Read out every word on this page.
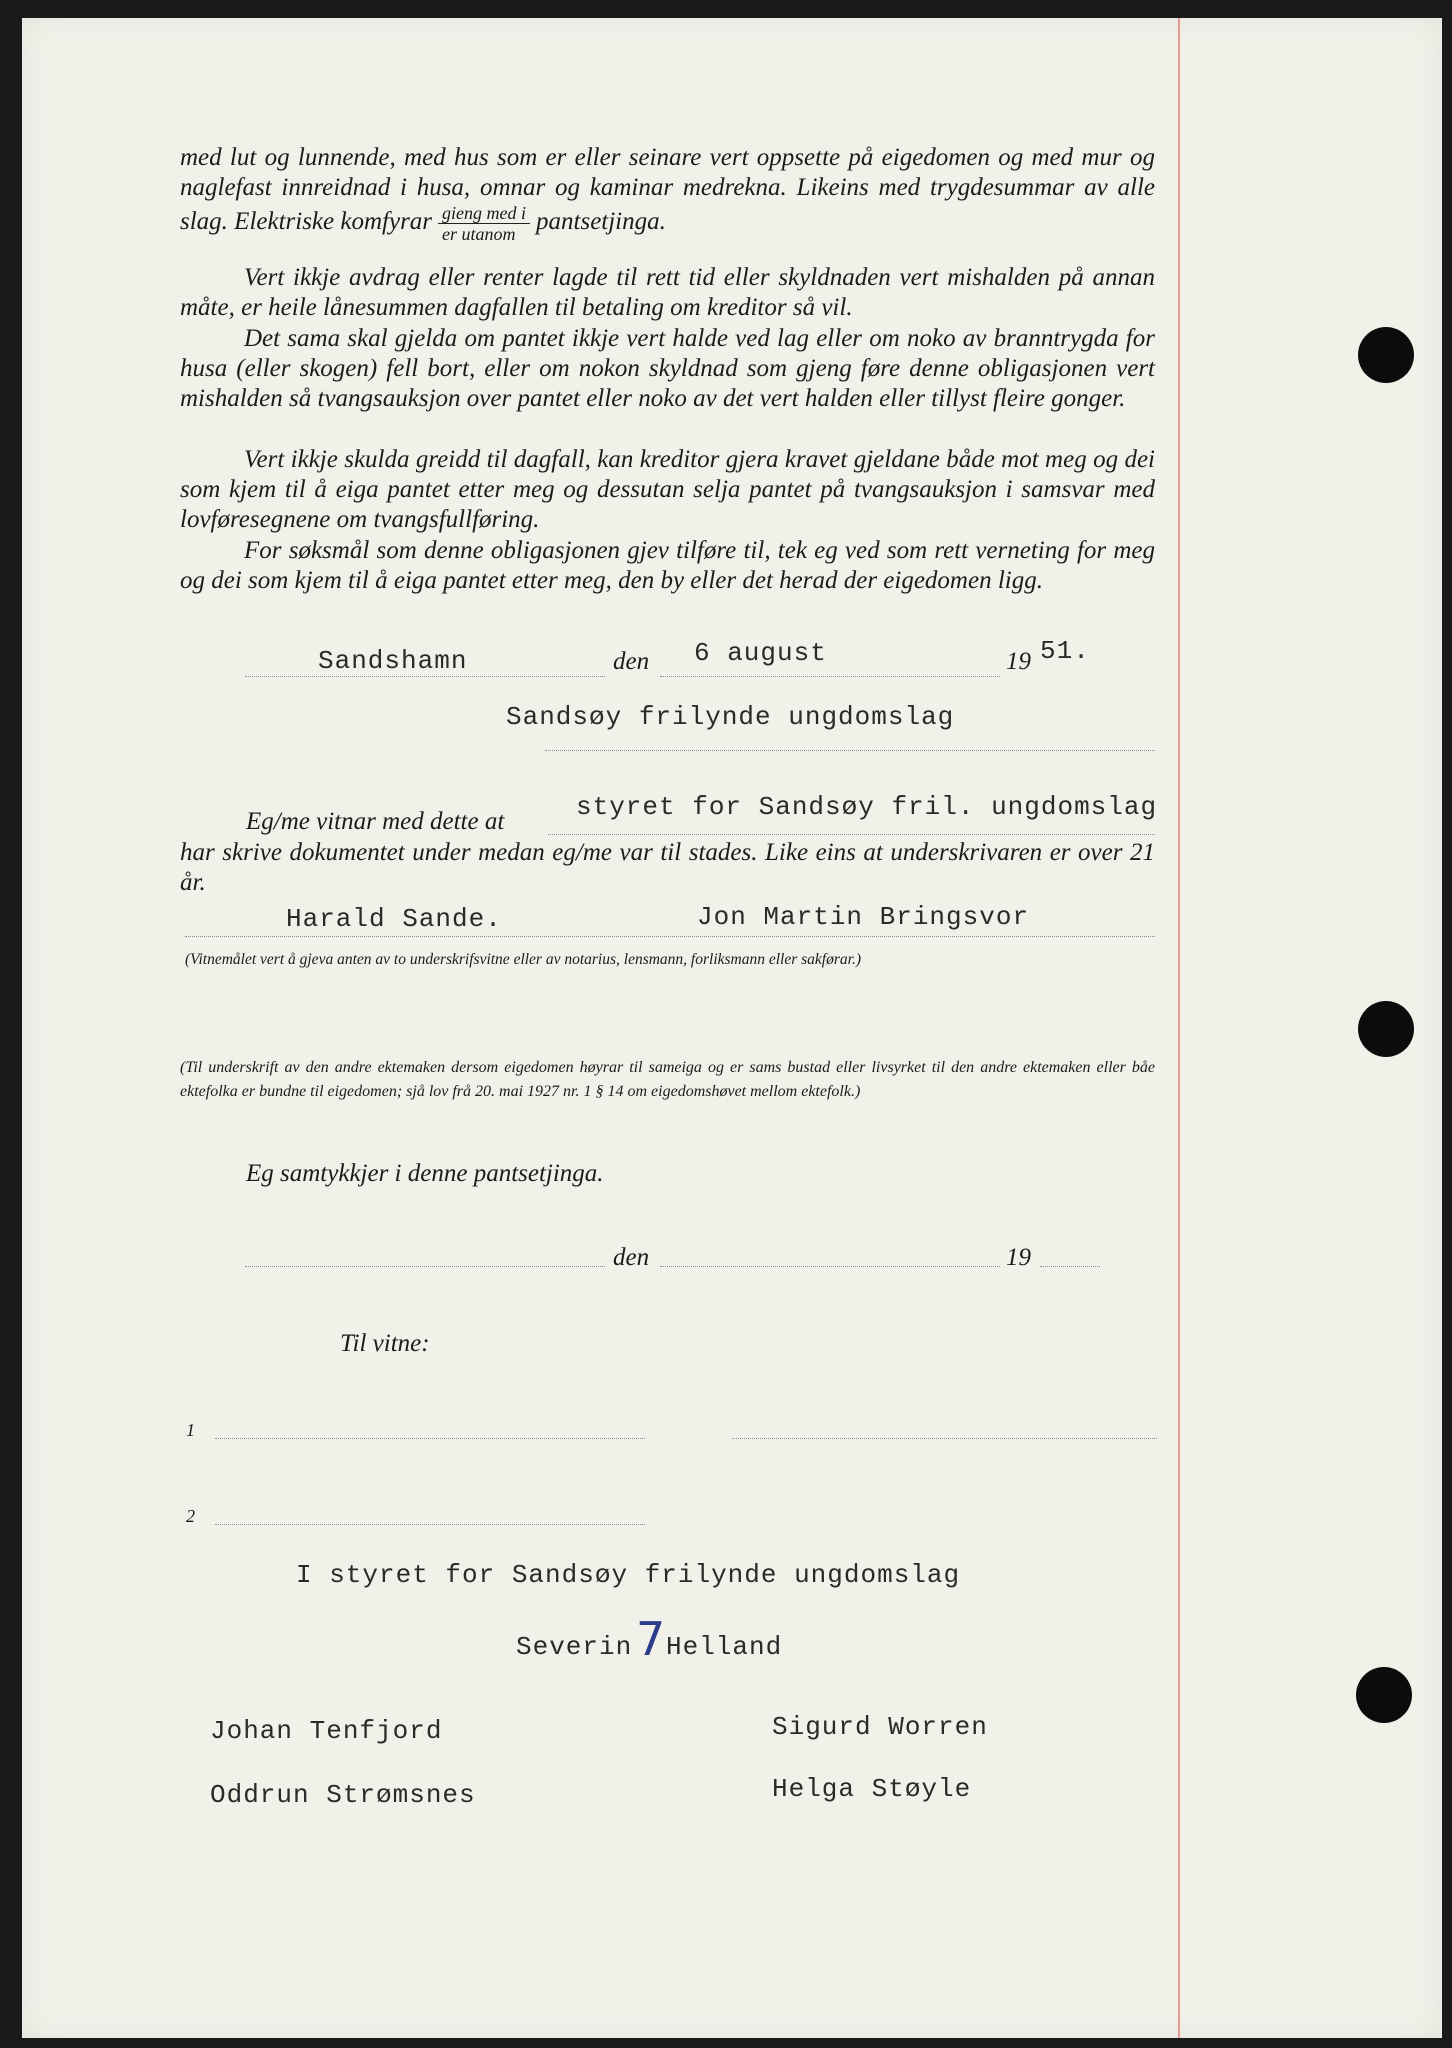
med lut og lunnende, med hus som er eller seinare vert oppsette på eigedomen og med mur og naglefast innreidnad i husa, omnar og kaminar medrekna. Likeins med trygdesummar av alle slag. Elektriske komfyrar $\frac{\text{gieng med i}}{\text{er utanom}}$ pantsetjinga.

Vert ikkje avdrag eller renter lagde til rett tid eller skyldnaden vert mishalden på annan måte, er heile lånesummen dagfallen til betaling om kreditor så vil.

Det sama skal gjelda om pantet ikkje vert halde ved lag eller om noko av branntrygda for husa (eller skogen) fell bort, eller om nokon skyldnad som gjeng føre denne obligasjonen vert mishalden så tvangsauksjon over pantet eller noko av det vert halden eller tillyst fleire gonger.

Vert ikkje skulda greidd til dagfall, kan kreditor gjera kravet gjeldane både mot meg og dei som kjem til å eiga pantet etter meg og dessutan selja pantet på tvangsauksjon i samsvar med lovføresegnene om tvangsfullføring.

For søksmål som denne obligasjonen gjev tilføre til, tek eg ved som rett verneting for meg og dei som kjem til å eiga pantet etter meg, den by eller det herad der eigedomen ligg.

Sandshamn	den 6 august	19 51.
Sandsøy frilynde ungdomslag
Eg/me vitnar med dette at	styret for Sandsøy fril. ungdomslag

har skrive dokumentet under medan eg/me var til stades. Like eins at underskrivaren er over 21 år.

Harald Sande.	Jon Martin Bringsvor
(Vitnemålet vert å gjeva anten av to underskrifsvitne eller av notarius, lensmann, forliksmann eller sakførar.)

(Til underskrift av den andre ektemaken dersom eigedomen høyrar til sameiga og er sams bustad eller livsyrket til den andre ektemaken eller båe ektefolka er bundne til eigedomen; sjå lov frå 20. mai 1927 nr. 1 § 14 om eigedomshøvet mellom ektefolk.)

Eg samtykkjer i denne pantsetjinga.
den	19
Til vitne:
1
2
I styret for Sandsøy frilynde ungdomslag
Severin 7 Helland
Johan Tenfjord	Sigurd Worren
Oddrun Strømsnes	Helga Støyle
